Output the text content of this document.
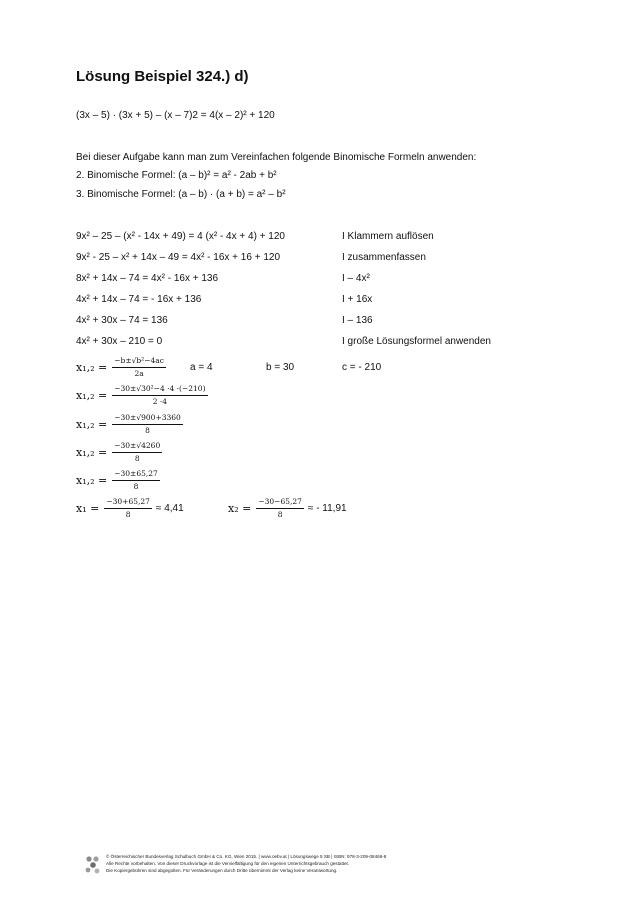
Lösung Beispiel 324.) d)
(3x – 5) · (3x + 5) – (x – 7)2 = 4(x – 2)² + 120
Bei dieser Aufgabe kann man zum Vereinfachen folgende Binomische Formeln anwenden:
2. Binomische Formel: (a – b)² = a² - 2ab + b²
3. Binomische Formel: (a – b) · (a + b) = a² – b²
9x² – 25 – (x² - 14x + 49) = 4 (x² - 4x + 4) + 120	I Klammern auflösen
9x² - 25 – x² + 14x – 49 = 4x² - 16x + 16 + 120	I zusammenfassen
8x² + 14x – 74 = 4x² - 16x + 136	I – 4x²
4x² + 14x – 74 = - 16x + 136	I + 16x
4x² + 30x – 74 = 136	I – 136
4x² + 30x – 210 = 0	I große Lösungsformel anwenden
$x_1,_2 = \frac{\text{−b±√b²−4ac}}{2a}$ a = 4	b = 30	c = - 210
$x_1,_2 = \frac{\text{−30±√30²−4 ·4 ·(−210)}}{2 \cdot 4}$
$x_1,_2 = \frac{-30\pm√900+3360}{8}$
$x_1,_2 = \frac{-30\pm√4260}{8}$
$x_1,_2 = \frac{-30\pm 65,27}{8}$
$x_1 = \frac{-30+65,27}{8} \approx 4,41$	$x_2 = \frac{-30-65,27}{8}$ ≈ - 11,91
© Österreichischer Bundesverlag Schulbuch GmbH & Co. KG, Wien 2015. | www.oebv.at | Lösungswege 5 SB | ISBN: 978-3-209-08466-8
Alle Rechte vorbehalten. Von dieser Druckvorlage ist die Vervielfältigung für den eigenen Unterrichtsgebrauch gestattet.
Die Kopiergebühren sind abgegolten. Für Veränderungen durch Dritte übernimmt der Verlag keine Verantwortung.
